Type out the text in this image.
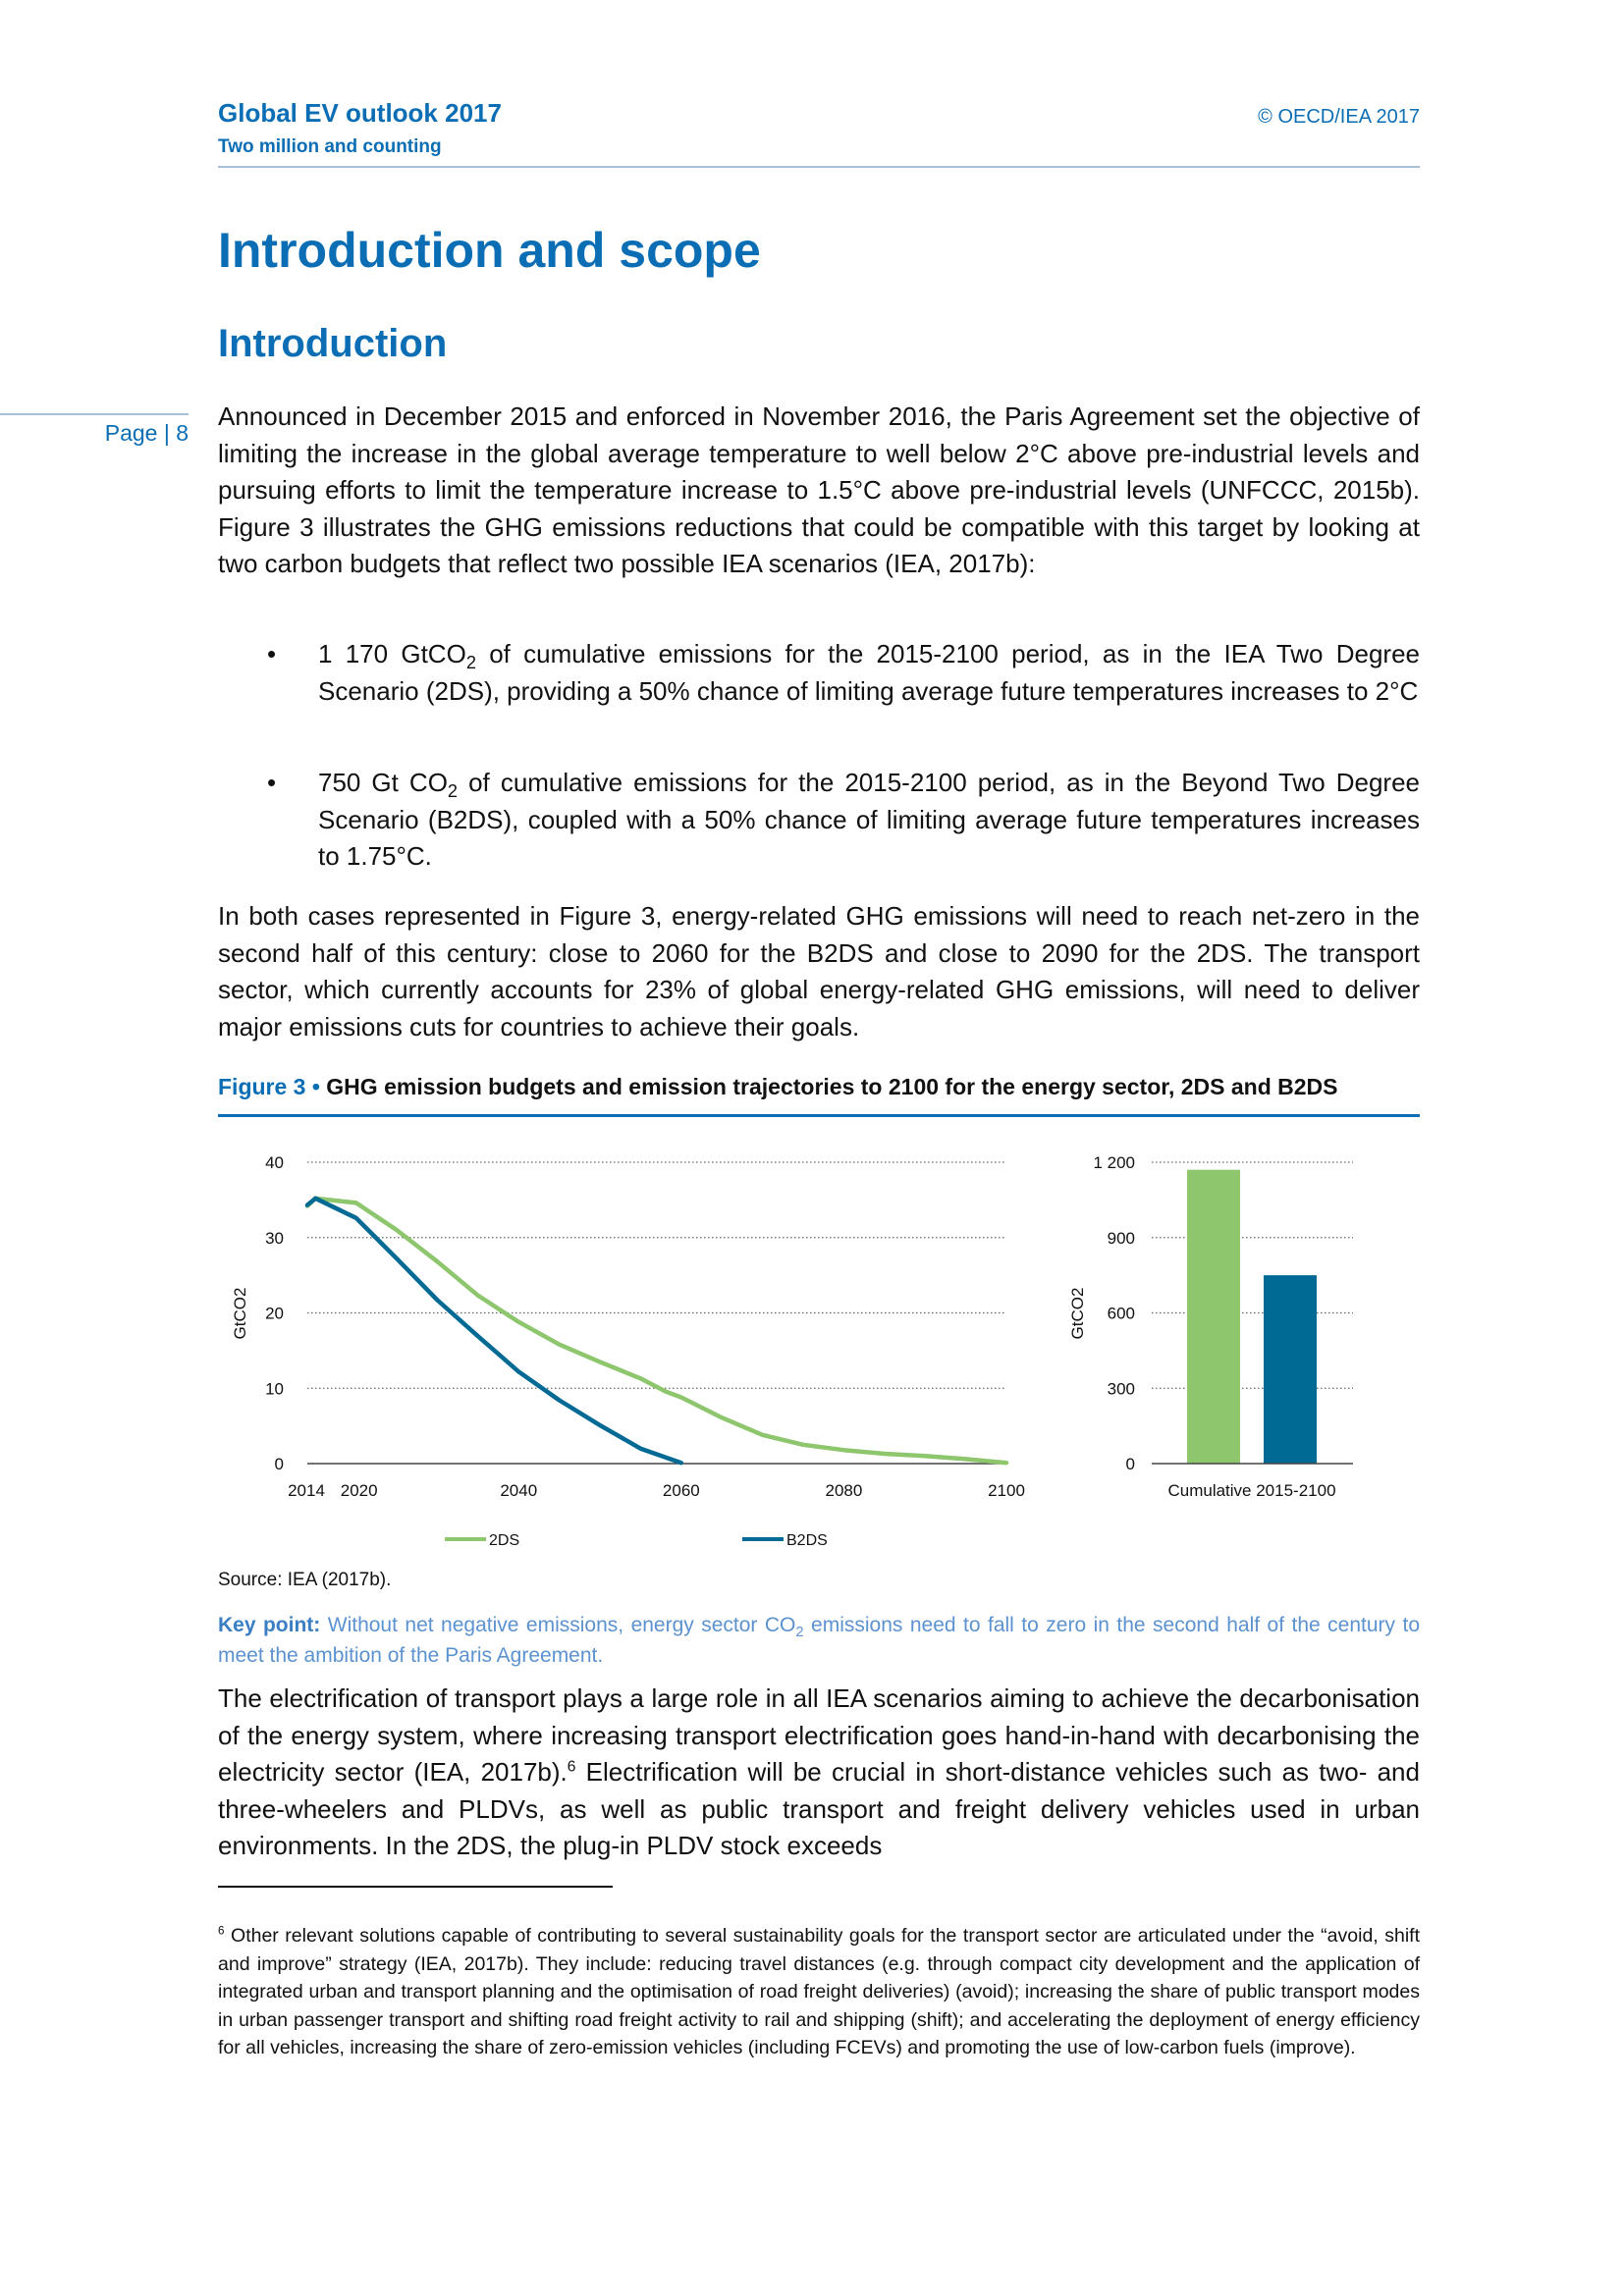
Global EV outlook 2017
Two million and counting
© OECD/IEA 2017
Page | 8
Introduction and scope
Introduction

Announced in December 2015 and enforced in November 2016, the Paris Agreement set the objective of limiting the increase in the global average temperature to well below 2°C above pre-industrial levels and pursuing efforts to limit the temperature increase to 1.5°C above pre-industrial levels (UNFCCC, 2015b). Figure 3 illustrates the GHG emissions reductions that could be compatible with this target by looking at two carbon budgets that reflect two possible IEA scenarios (IEA, 2017b):

• 1 170 GtCO$_2$ of cumulative emissions for the 2015-2100 period, as in the IEA Two Degree Scenario (2DS), providing a 50% chance of limiting average future temperatures increases to 2°C
• 750 Gt $CO_2$ of cumulative emissions for the 2015-2100 period, as in the Beyond Two Degree Scenario (B2DS), coupled with a 50% chance of limiting average future temperatures increases to 1.75°C.

In both cases represented in Figure 3, energy-related GHG emissions will need to reach net-zero in the second half of this century: close to 2060 for the B2DS and close to 2090 for the 2DS. The transport sector, which currently accounts for 23% of global energy-related GHG emissions, will need to deliver major emissions cuts for countries to achieve their goals.

Figure 3 • GHG emission budgets and emission trajectories to 2100 for the energy sector, 2DS and B2DS
0
10
20
30
40
2014 2020	2040	2060	2080	2100
GtCO2
2DS	B2DS
0
300
600
900
1 200
Cumulative 2015-2100
GtCO2
Source: IEA (2017b).
Key point: Without net negative emissions, energy sector $CO_2$ emissions need to fall to zero in the second half of the century to meet the ambition of the Paris Agreement.

The electrification of transport plays a large role in all IEA scenarios aiming to achieve the decarbonisation of the energy system, where increasing transport electrification goes hand-in-hand with decarbonising the electricity sector (IEA, 2017b).$^6$ Electrification will be crucial in short-distance vehicles such as two- and three-wheelers and PLDVs, as well as public transport and freight delivery vehicles used in urban environments. In the 2DS, the plug-in PLDV stock exceeds

$^6$ Other relevant solutions capable of contributing to several sustainability goals for the transport sector are articulated under the “avoid, shift and improve” strategy (IEA, 2017b). They include: reducing travel distances (e.g. through compact city development and the application of integrated urban and transport planning and the optimisation of road freight deliveries) (avoid); increasing the share of public transport modes in urban passenger transport and shifting road freight activity to rail and shipping (shift); and accelerating the deployment of energy efficiency for all vehicles, increasing the share of zero-emission vehicles (including FCEVs) and promoting the use of low-carbon fuels (improve).
